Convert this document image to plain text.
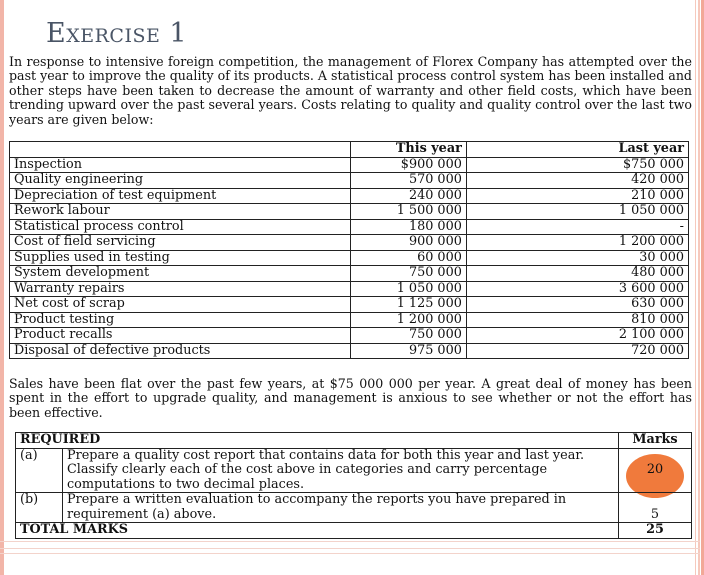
Exercise 1
In response to intensive foreign competition, the management of Florex Company has attempted over the past year to improve the quality of its products. A statistical process control system has been installed and other steps have been taken to decrease the amount of warranty and other field costs, which have been trending upward over the past several years. Costs relating to quality and quality control over the last two years are given below:
	This year	Last year
Inspection	$900 000	$750 000
Quality engineering	570 000	420 000
Depreciation of test equipment	240 000	210 000
Rework labour	1 500 000	1 050 000
Statistical process control	180 000	-
Cost of field servicing	900 000	1 200 000
Supplies used in testing	60 000	30 000
System development	750 000	480 000
Warranty repairs	1 050 000	3 600 000
Net cost of scrap	1 125 000	630 000
Product testing	1 200 000	810 000
Product recalls	750 000	2 100 000
Disposal of defective products	975 000	720 000
Sales have been flat over the past few years, at $75 000 000 per year. A great deal of money has been spent in the effort to upgrade quality, and management is anxious to see whether or not the effort has been effective.
REQUIRED		Marks
(a)	Prepare a quality cost report that contains data for both this year and last year. Classify clearly each of the cost above in categories and carry percentage computations to two decimal places.	20
(b)	Prepare a written evaluation to accompany the reports you have prepared in requirement (a) above.	5
TOTAL MARKS		25
